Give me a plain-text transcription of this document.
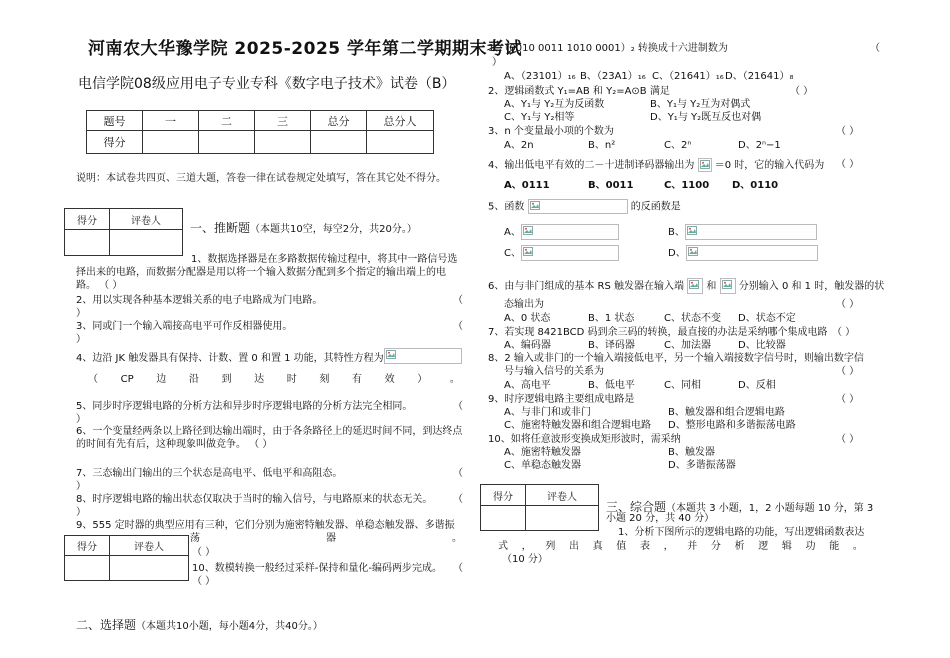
河南农大华豫学院 2025-2025 学年第二学期期末考试
电信学院08级应用电子专业专科《数字电子技术》试卷（B）
题号	一	二	三	总分	总分人
得分					
说明：本试卷共四页、三道大题，答卷一律在试卷规定处填写，答在其它处不得分。
得分	评卷人
	一、推断题（本题共10空，每空2分，共20分。）
1、数据选择器是在多路数据传输过程中，将其中一路信号选择出来的电路，而数据分配器是用以将一个输入数据分配到多个指定的输出端上的电路。 （ ）
2、用以实现各种基本逻辑关系的电子电路成为门电路。	（
）
3、同或门一个输入端接高电平可作反相器使用。	（
）
4、边沿 JK 触发器具有保持、计数、置 0 和置 1 功能，其特性方程为
（ CP 边 沿 到 达 时 刻 有 效 ） 。
5、同步时序逻辑电路的分析方法和异步时序逻辑电路的分析方法完全相同。	（
）
6、一个变量经两条以上路径到达输出端时，由于各条路径上的延迟时间不同，到达终点的时间有先有后，这种现象叫做竞争。 （ ）
7、三态输出门输出的三个状态是高电平、低电平和高阻态。	（
）
8、时序逻辑电路的输出状态仅取决于当时的输入信号，与电路原来的状态无关。 （
）
9、555 定时器的典型应用有三种，它们分别为施密特触发器、单稳态触发器、多谐振
荡	器	。
（ ）
得分	评卷人

10、数模转换一般经过采样-保持和量化-编码两步完成。 （
（ ）
二、选择题（本题共10小题，每小题4分，共40分。）
1、（0010 0011 1010 0001）₂ 转换成十六进制数为	（
）
A、（23101）₁₆ B、（23A1）₁₆ C、（21641）₁₆ D、（21641）₈
2、逻辑函数式 Y₁=AB 和 Y₂=A⊙B 满足	（ ）
A、Y₁与 Y₂互为反函数	B、Y₁与 Y₂互为对偶式
C、Y₁与 Y₂相等	D、Y₁与 Y₂既互反也对偶
3、n 个变量最小项的个数为	（ ）
A、2n	B、n²	C、2ⁿ	D、2ⁿ−1
4、输出低电平有效的二－十进制译码器输出为 ＝0 时，它的输入代码为 （ ）
A、0111	B、0011	C、1100 D、0110
5、函数	的反函数是
A、	B、
C、	D、
6、由与非门组成的基本 RS 触发器在输入端 和 分别输入 0 和 1 时，触发器的状
态输出为	（ ）
A、0 状态	B、1 状态	C、状态不变 D、状态不定
7、若实现 8421BCD 码到余三码的转换，最直接的办法是采纳哪个集成电路 （ ）
A、编码器	B、译码器	C、加法器	D、比较器
8、2 输入或非门的一个输入端接低电平，另一个输入端接数字信号时，则输出数字信
号与输入信号的关系为	（ ）
A、高电平	B、低电平	C、同相	D、反相
9、时序逻辑电路主要组成电路是	（ ）
A、与非门和或非门	B、触发器和组合逻辑电路
C、施密特触发器和组合逻辑电路 D、整形电路和多谐振荡电路
10、如将任意波形变换成矩形波时，需采纳	（ ）
A、施密特触发器	B、触发器
C、单稳态触发器	D、多谐振荡器
得分	评卷人

三、综合题（本题共 3 小题，1，2 小题每题 10 分，第 3
小题 20 分，共 40 分）
1、分析下图所示的逻辑电路的功能，写出逻辑函数表达
式 ， 列 出 真 值 表 ， 并 分 析 逻 辑 功 能 。
（10 分）
